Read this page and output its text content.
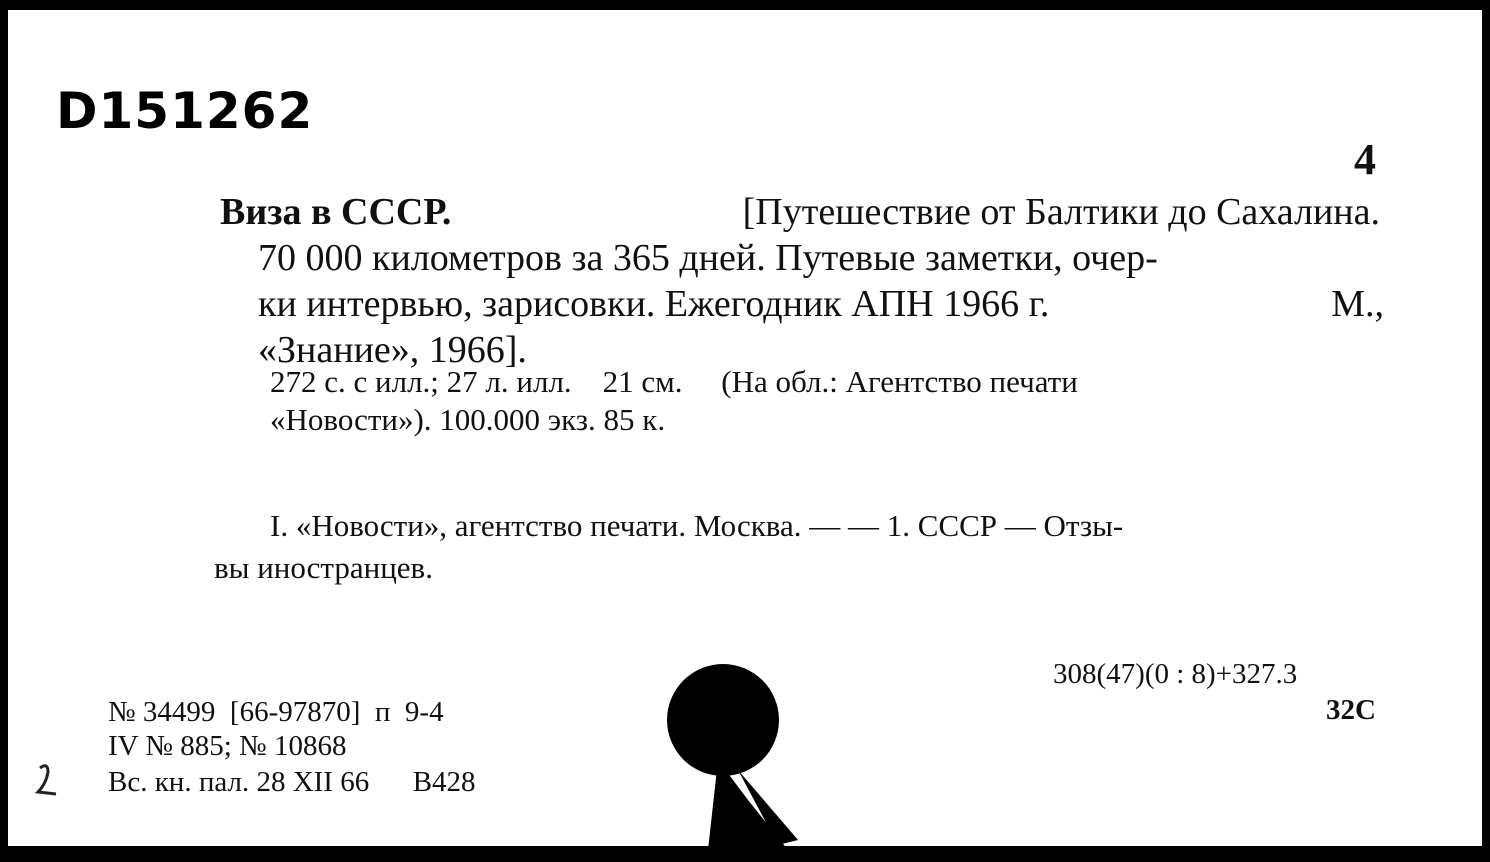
D151262
4
Виза в СССР.	[Путешествие от Балтики до Сахалина.
70 000 километров за 365 дней. Путевые заметки, очер-
ки интервью, зарисовки. Ежегодник АПН 1966 г.	М.,
«Знание», 1966].
272 с. с илл.; 27 л. илл.    21 см.     (На обл.: Агентство печати
«Новости»). 100.000 экз. 85 к.
I. «Новости», агентство печати. Москва. — — 1. СССР — Отзы-
вы иностранцев.
308(47)(0 : 8)+327.3
32C
№ 34499  [66-97870]  п  9-4
IV № 885; № 10868
Вс. кн. пал. 28 XII 66      B428
